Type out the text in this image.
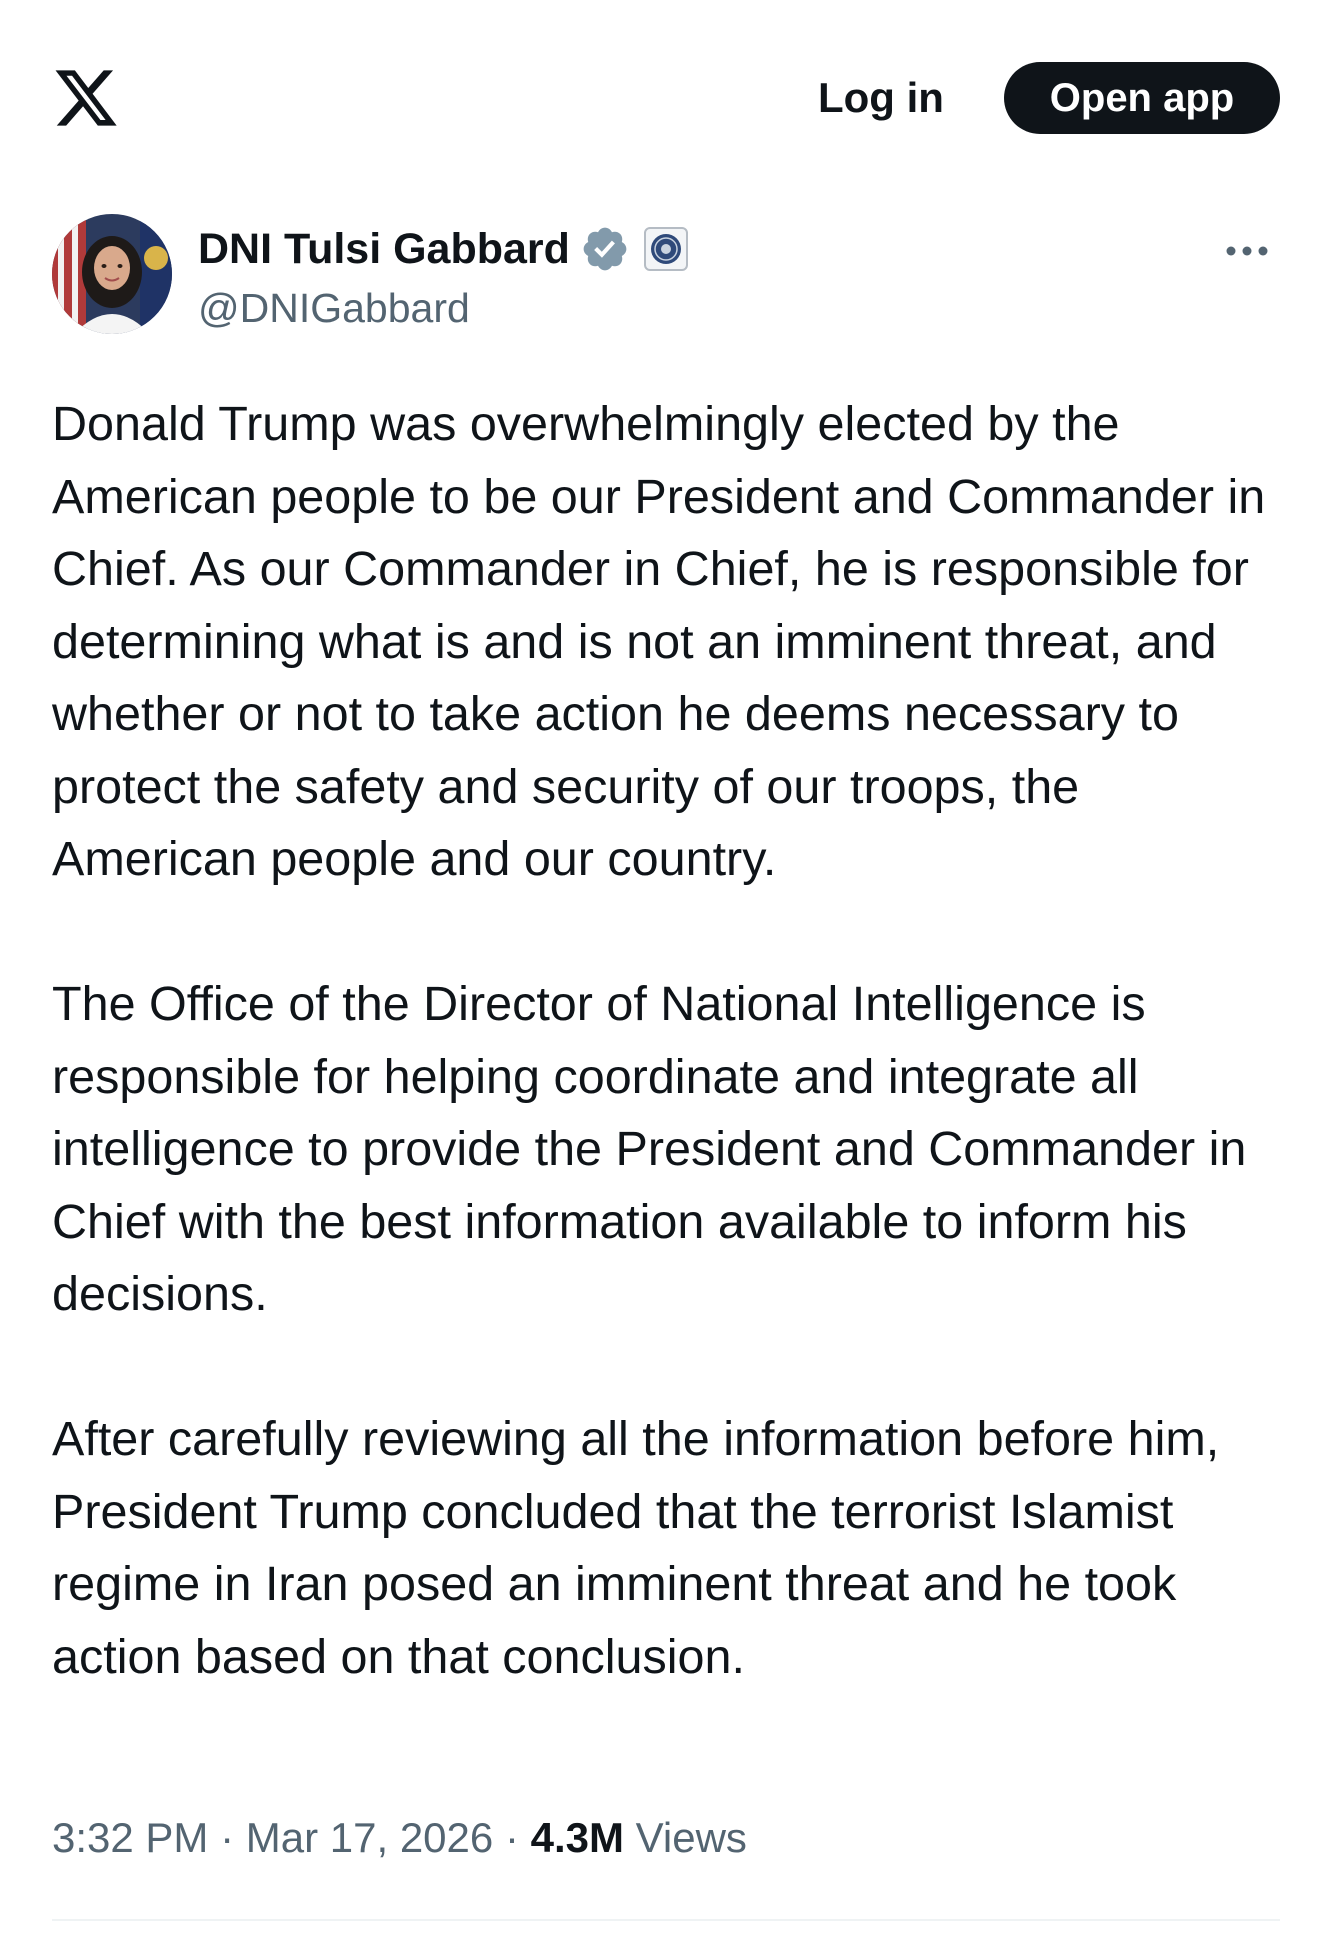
Log in	Open app
DNI Tulsi Gabbard
@DNIGabbard

Donald Trump was overwhelmingly elected by the American people to be our President and Commander in Chief. As our Commander in Chief, he is responsible for determining what is and is not an imminent threat, and whether or not to take action he deems necessary to protect the safety and security of our troops, the American people and our country.

The Office of the Director of National Intelligence is responsible for helping coordinate and integrate all intelligence to provide the President and Commander in Chief with the best information available to inform his decisions.

After carefully reviewing all the information before him, President Trump concluded that the terrorist Islamist regime in Iran posed an imminent threat and he took action based on that conclusion.

3:32 PM · Mar 17, 2026 · 4.3M Views
